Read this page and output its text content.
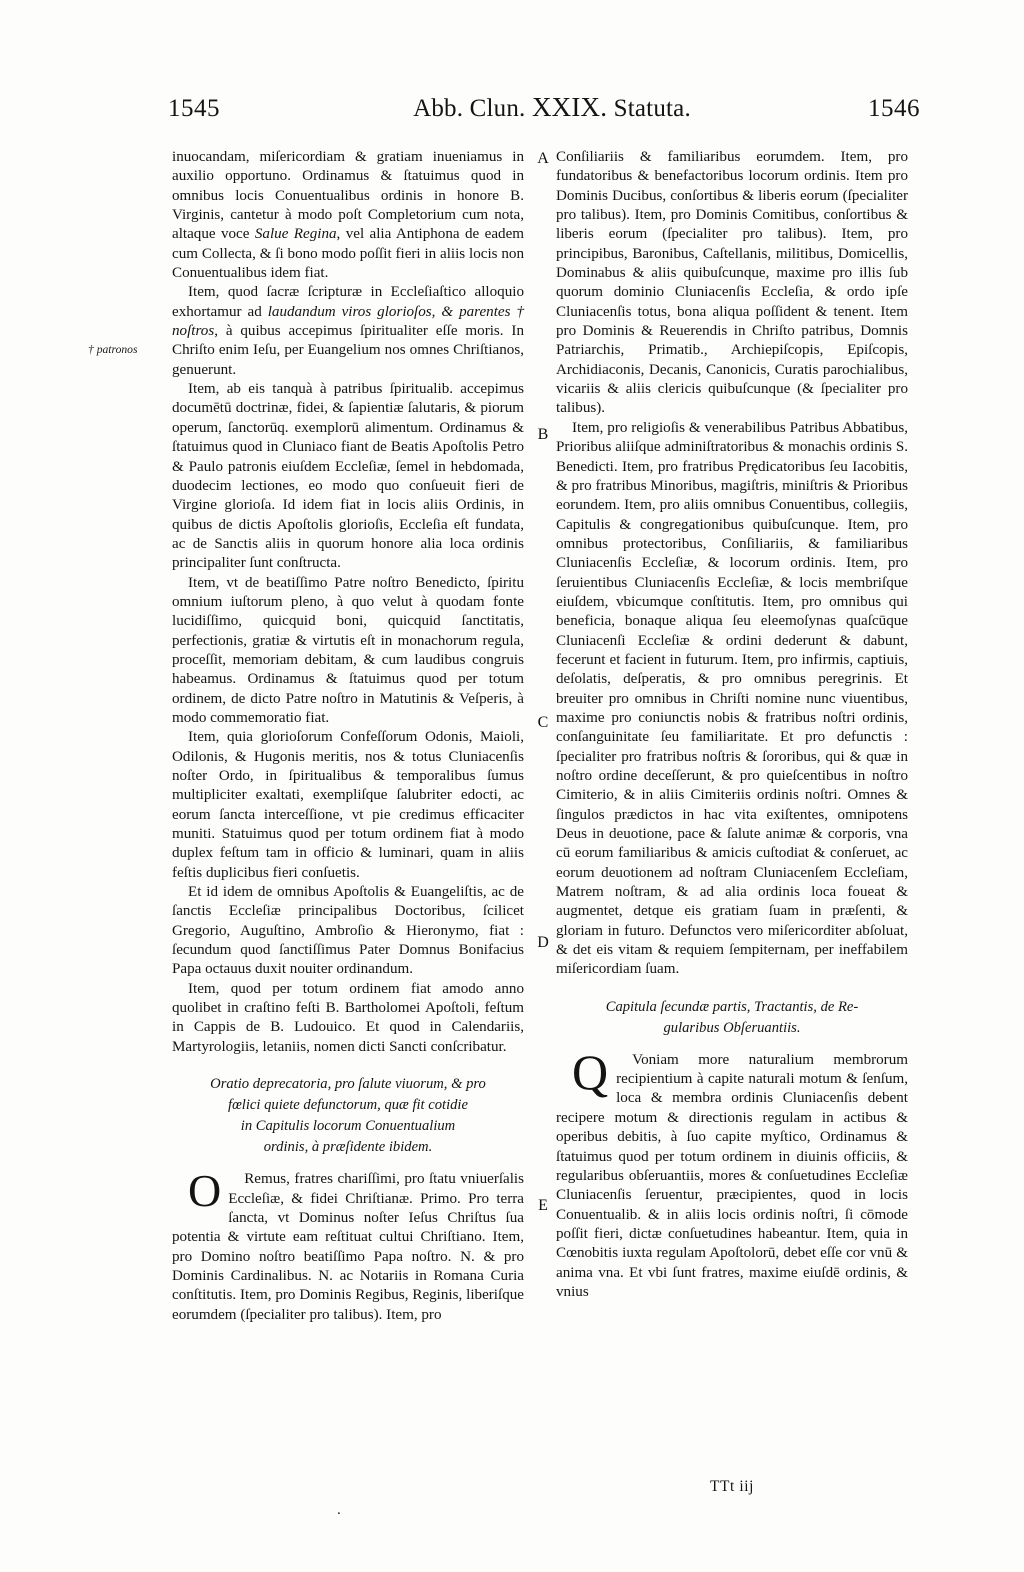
1545	Abb. Clun. XXIX. Statuta.	1546
† patronos
A
B
C
D
E

inuocandam, miſericordiam & gratiam inueniamus in auxilio opportuno. Ordinamus & ſtatuimus quod in omnibus locis Conuentualibus ordinis in honore B. Virginis, cantetur à modo poſt Completorium cum nota, altaque voce Salue Regina, vel alia Antiphona de eadem cum Collecta, & ſi bono modo poſſit fieri in aliis locis non Conuentualibus idem fiat.

Item, quod ſacræ ſcripturæ in Eccleſiaſtico alloquio exhortamur ad laudandum viros glorioſos, & parentes † noſtros, à quibus accepimus ſpiritualiter eſſe moris. In Chriſto enim Ieſu, per Euangelium nos omnes Chriſtianos, genuerunt.

Item, ab eis tanquà à patribus ſpiritualib. accepimus documētū doctrinæ, fidei, & ſapientiæ ſalutaris, & piorum operum, ſanctorūq. exemplorū alimentum. Ordinamus & ſtatuimus quod in Cluniaco fiant de Beatis Apoſtolis Petro & Paulo patronis eiuſdem Eccleſiæ, ſemel in hebdomada, duodecim lectiones, eo modo quo conſueuit fieri de Virgine glorioſa. Id idem fiat in locis aliis Ordinis, in quibus de dictis Apoſtolis glorioſis, Eccleſia eſt fundata, ac de Sanctis aliis in quorum honore alia loca ordinis principaliter ſunt conſtructa.

Item, vt de beatiſſimo Patre noſtro Benedicto, ſpiritu omnium iuſtorum pleno, à quo velut à quodam fonte lucidiſſimo, quicquid boni, quicquid ſanctitatis, perfectionis, gratiæ & virtutis eſt in monachorum regula, proceſſit, memoriam debitam, & cum laudibus congruis habeamus. Ordinamus & ſtatuimus quod per totum ordinem, de dicto Patre noſtro in Matutinis & Veſperis, à modo commemoratio fiat.

Item, quia glorioſorum Confeſſorum Odonis, Maioli, Odilonis, & Hugonis meritis, nos & totus Cluniacenſis noſter Ordo, in ſpiritualibus & temporalibus ſumus multipliciter exaltati, exempliſque ſalubriter edocti, ac eorum ſancta interceſſione, vt pie credimus efficaciter muniti. Statuimus quod per totum ordinem fiat à modo duplex feſtum tam in officio & luminari, quam in aliis feſtis duplicibus fieri conſuetis.

Et id idem de omnibus Apoſtolis & Euangeliſtis, ac de ſanctis Eccleſiæ principalibus Doctoribus, ſcilicet Gregorio, Auguſtino, Ambroſio & Hieronymo, fiat : ſecundum quod ſanctiſſimus Pater Domnus Bonifacius Papa octauus duxit nouiter ordinandum.

Item, quod per totum ordinem fiat amodo anno quolibet in craſtino feſti B. Bartholomei Apoſtoli, feſtum in Cappis de B. Ludouico. Et quod in Calendariis, Martyrologiis, letaniis, nomen dicti Sancti conſcribatur.

Oratio deprecatoria, pro ſalute viuorum, & pro
fœlici quiete defunctorum, quæ fit cotidie
in Capitulis locorum Conuentualium
ordinis, à præſidente ibidem.

O	Remus, fratres chariſſimi, pro ſtatu vniuerſalis Eccleſiæ, & fidei Chriſtianæ. Primo. Pro terra ſancta, vt Dominus noſter Ieſus Chriſtus ſua potentia & virtute eam reſtituat cultui Chriſtiano. Item, pro Domino noſtro beatiſſimo Papa noſtro. N. & pro Dominis Cardinalibus. N. ac Notariis in Romana Curia conſtitutis. Item, pro Dominis Regibus, Reginis, liberiſque eorumdem (ſpecialiter pro talibus). Item, pro

Conſiliariis & familiaribus eorumdem. Item, pro fundatoribus & benefactoribus locorum ordinis. Item pro Dominis Ducibus, conſortibus & liberis eorum (ſpecialiter pro talibus). Item, pro Dominis Comitibus, conſortibus & liberis eorum (ſpecialiter pro talibus). Item, pro principibus, Baronibus, Caſtellanis, militibus, Domicellis, Dominabus & aliis quibuſcunque, maxime pro illis ſub quorum dominio Cluniacenſis Eccleſia, & ordo ipſe Cluniacenſis totus, bona aliqua poſſident & tenent. Item pro Dominis & Reuerendis in Chriſto patribus, Domnis Patriarchis, Primatib., Archiepiſcopis, Epiſcopis, Archidiaconis, Decanis, Canonicis, Curatis parochialibus, vicariis & aliis clericis quibuſcunque (& ſpecialiter pro talibus).

Item, pro religioſis & venerabilibus Patribus Abbatibus, Prioribus aliiſque adminiſtratoribus & monachis ordinis S. Benedicti. Item, pro fratribus Prędicatoribus ſeu Iacobitis, & pro fratribus Minoribus, magiſtris, miniſtris & Prioribus eorundem. Item, pro aliis omnibus Conuentibus, collegiis, Capitulis & congregationibus quibuſcunque. Item, pro omnibus protectoribus, Conſiliariis, & familiaribus Cluniacenſis Eccleſiæ, & locorum ordinis. Item, pro ſeruientibus Cluniacenſis Eccleſiæ, & locis membriſque eiuſdem, vbicumque conſtitutis. Item, pro omnibus qui beneficia, bonaque aliqua ſeu eleemoſynas quaſcūque Cluniacenſi Eccleſiæ & ordini dederunt & dabunt, fecerunt et facient in futurum. Item, pro infirmis, captiuis, deſolatis, deſperatis, & pro omnibus peregrinis. Et breuiter pro omnibus in Chriſti nomine nunc viuentibus, maxime pro coniunctis nobis & fratribus noſtri ordinis, conſanguinitate ſeu familiaritate. Et pro defunctis : ſpecialiter pro fratribus noſtris & ſororibus, qui & quæ in noſtro ordine deceſſerunt, & pro quieſcentibus in noſtro Cimiterio, & in aliis Cimiteriis ordinis noſtri. Omnes & ſingulos prædictos in hac vita exiſtentes, omnipotens Deus in deuotione, pace & ſalute animæ & corporis, vna cū eorum familiaribus & amicis cuſtodiat & conſeruet, ac eorum deuotionem ad noſtram Cluniacenſem Eccleſiam, Matrem noſtram, & ad alia ordinis loca foueat & augmentet, detque eis gratiam ſuam in præſenti, & gloriam in futuro. Defunctos vero miſericorditer abſoluat, & det eis vitam & requiem ſempiternam, per ineffabilem miſericordiam ſuam.

Capitula ſecundæ partis, Tractantis, de Re-
gularibus Obſeruantiis.

Q	Voniam more naturalium membrorum recipientium à capite naturali motum & ſenſum, loca & membra ordinis Cluniacenſis debent recipere motum & directionis regulam in actibus & operibus debitis, à ſuo capite myſtico, Ordinamus & ſtatuimus quod per totum ordinem in diuinis officiis, & regularibus obſeruantiis, mores & conſuetudines Eccleſiæ Cluniacenſis ſeruentur, præcipientes, quod in locis Conuentualib. & in aliis locis ordinis noſtri, ſi cōmode poſſit fieri, dictæ conſuetudines habeantur. Item, quia in Cœnobitis iuxta regulam Apoſtolorū, debet eſſe cor vnū & anima vna. Et vbi ſunt fratres, maxime eiuſdē ordinis, & vnius

TTt iij
.
